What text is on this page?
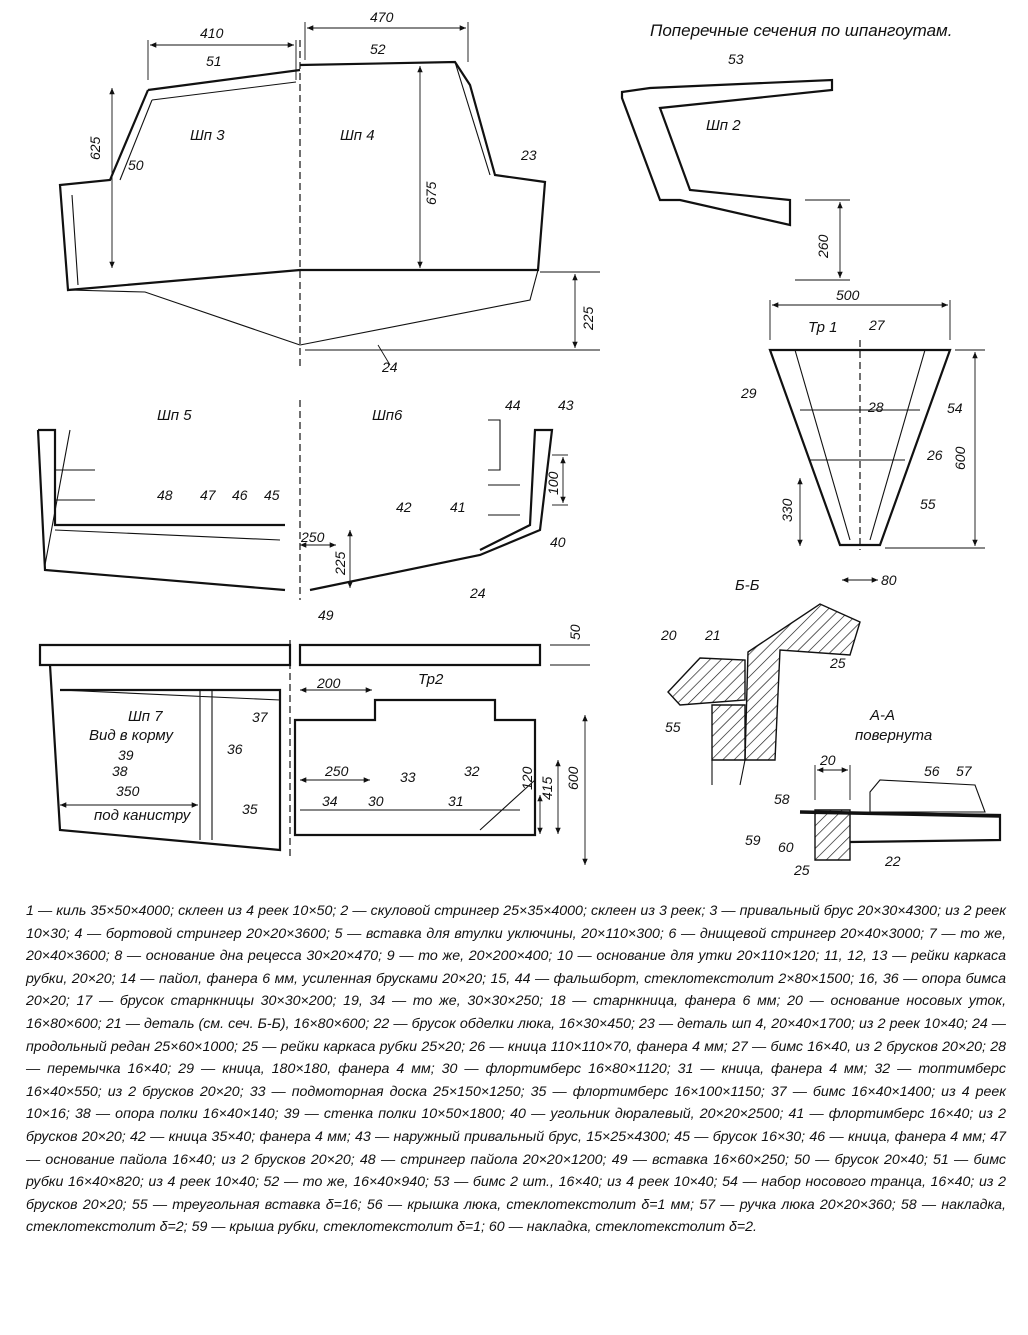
Поперечные сечения по шпангоутам.
410
470
625
675
225
Шп 3	Шп 4
51
52
50
23
24
Шп 2
53
260
Тр 1
500
600
330
80
27
29
28	54
26
55
Шп 5	Шп6
44	43
48 47 46 45
42	41
40
24
49
250
225
100
Б-Б
20 21
25
55
А-А
повернута
20
56 57
58
59 60
22
25
Шп 7
Вид в корму
под канистру
Тр2
350
200
250
50
600
415
120
37
36
39
38
35	34 30
33	32
31

1 — киль 35×50×4000; склеен из 4 реек 10×50; 2 — скуловой стрингер 25×35×4000; склеен из 3 реек; 3 — привальный брус 20×30×4300; из 2 реек 10×30; 4 — бортовой стрингер 20×20×3600; 5 — вставка для втулки уключины, 20×110×300; 6 — днищевой стрингер 20×40×3000; 7 — то же, 20×40×3600; 8 — основание дна рецесса 30×20×470; 9 — то же, 20×200×400; 10 — основание для утки 20×110×120; 11, 12, 13 — рейки каркаса рубки, 20×20; 14 — пайол, фанера 6 мм, усиленная брусками 20×20; 15, 44 — фальшборт, стеклотекстолит 2×80×1500; 16, 36 — опора бимса 20×20; 17 — брусок старнкницы 30×30×200; 19, 34 — то же, 30×30×250; 18 — старнкница, фанера 6 мм; 20 — основание носовых уток, 16×80×600; 21 — деталь (см. сеч. Б-Б), 16×80×600; 22 — брусок обделки люка, 16×30×450; 23 — деталь шп 4, 20×40×1700; из 2 реек 10×40; 24 — продольный редан 25×60×1000; 25 — рейки каркаса рубки 25×20; 26 — кница 110×110×70, фанера 4 мм; 27 — бимс 16×40, из 2 брусков 20×20; 28 — перемычка 16×40; 29 — кница, 180×180, фанера 4 мм; 30 — флортимберс 16×80×1120; 31 — кница, фанера 4 мм; 32 — топтимберс 16×40×550; из 2 брусков 20×20; 33 — подмоторная доска 25×150×1250; 35 — флортимберс 16×100×1150; 37 — бимс 16×40×1400; из 4 реек 10×16; 38 — опора полки 16×40×140; 39 — стенка полки 10×50×1800; 40 — угольник дюралевый, 20×20×2500; 41 — флортимберс 16×40; из 2 брусков 20×20; 42 — кница 35×40; фанера 4 мм; 43 — наружный привальный брус, 15×25×4300; 45 — брусок 16×30; 46 — кница, фанера 4 мм; 47 — основание пайола 16×40; из 2 брусков 20×20; 48 — стрингер пайола 20×20×1200; 49 — вставка 16×60×250; 50 — брусок 20×40; 51 — бимс рубки 16×40×820; из 4 реек 10×40; 52 — то же, 16×40×940; 53 — бимс 2 шт., 16×40; из 4 реек 10×40; 54 — набор носового транца, 16×40; из 2 брусков 20×20; 55 — треугольная вставка δ=16; 56 — крышка люка, стеклотекстолит δ=1 мм; 57 — ручка люка 20×20×360; 58 — накладка, стеклотекстолит δ=2; 59 — крыша рубки, стеклотекстолит δ=1; 60 — накладка, стеклотекстолит δ=2.
